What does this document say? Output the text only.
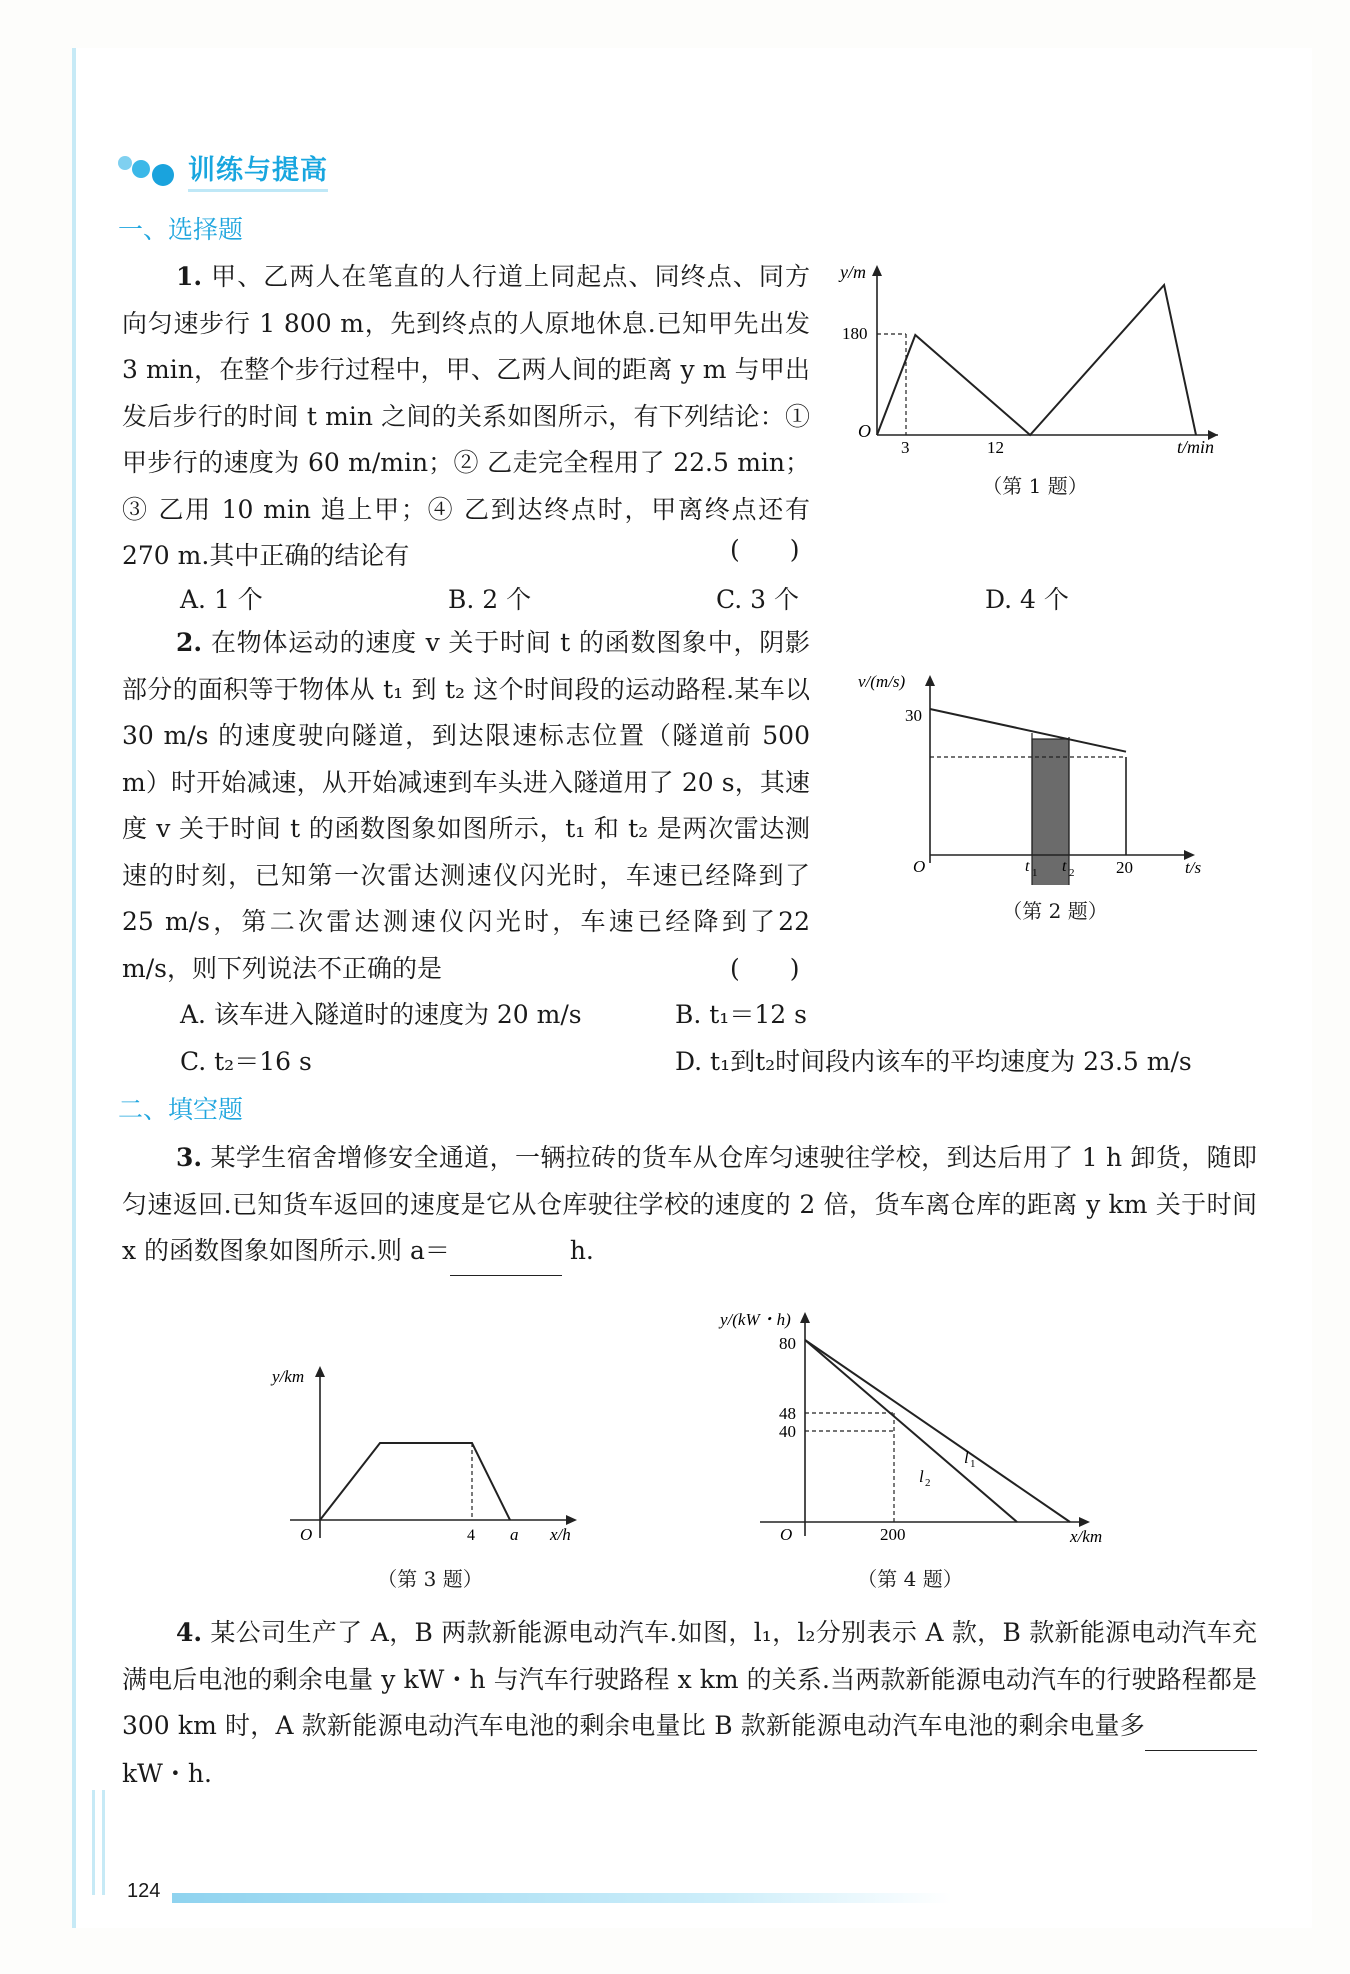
训练与提高
一、选择题
1. 甲、乙两人在笔直的人行道上同起点、同终点、同方向匀速步行 1 800 m，先到终点的人原地休息.已知甲先出发 3 min，在整个步行过程中，甲、乙两人间的距离 y m 与甲出发后步行的时间 t min 之间的关系如图所示，有下列结论：① 甲步行的速度为 60 m/min；② 乙走完全程用了 22.5 min；③ 乙用 10 min 追上甲；④ 乙到达终点时，甲离终点还有 270 m.其中正确的结论有	(　　)
A. 1 个	B. 2 个	C. 3 个	D. 4 个
y/m
t/min
O
3	12
180
（第 1 题）
2. 在物体运动的速度 v 关于时间 t 的函数图象中，阴影部分的面积等于物体从 t₁ 到 t₂ 这个时间段的运动路程.某车以 30 m/s 的速度驶向隧道，到达限速标志位置（隧道前 500 m）时开始减速，从开始减速到车头进入隧道用了 20 s，其速度 v 关于时间 t 的函数图象如图所示，t₁ 和 t₂ 是两次雷达测速的时刻，已知第一次雷达测速仪闪光时，车速已经降到了 25 m/s，第二次雷达测速仪闪光时，车速已经降到了22 m/s，则下列说法不正确的是	(　　)
A. 该车进入隧道时的速度为 20 m/s	B. t₁＝12 s
C. t₂＝16 s	D. t₁到t₂时间段内该车的平均速度为 23.5 m/s
v/(m/s)
t/s
O
30
t 1 t 2 20
（第 2 题）
二、填空题
3. 某学生宿舍增修安全通道，一辆拉砖的货车从仓库匀速驶往学校，到达后用了 1 h 卸货，随即匀速返回.已知货车返回的速度是它从仓库驶往学校的速度的 2 倍，货车离仓库的距离 y km 关于时间 x 的函数图象如图所示.则 a＝	h.
y/km
x/h
O	4 a
（第 3 题）
y/(kW・h)
x/km
O
80
48
40
200
l 1
l 2
（第 4 题）
4. 某公司生产了 A，B 两款新能源电动汽车.如图，l₁，l₂分别表示 A 款，B 款新能源电动汽车充满电后电池的剩余电量 y kW・h 与汽车行驶路程 x km 的关系.当两款新能源电动汽车的行驶路程都是 300 km 时，A 款新能源电动汽车电池的剩余电量比 B 款新能源电动汽车电池的剩余电量多 kW・h.
124
